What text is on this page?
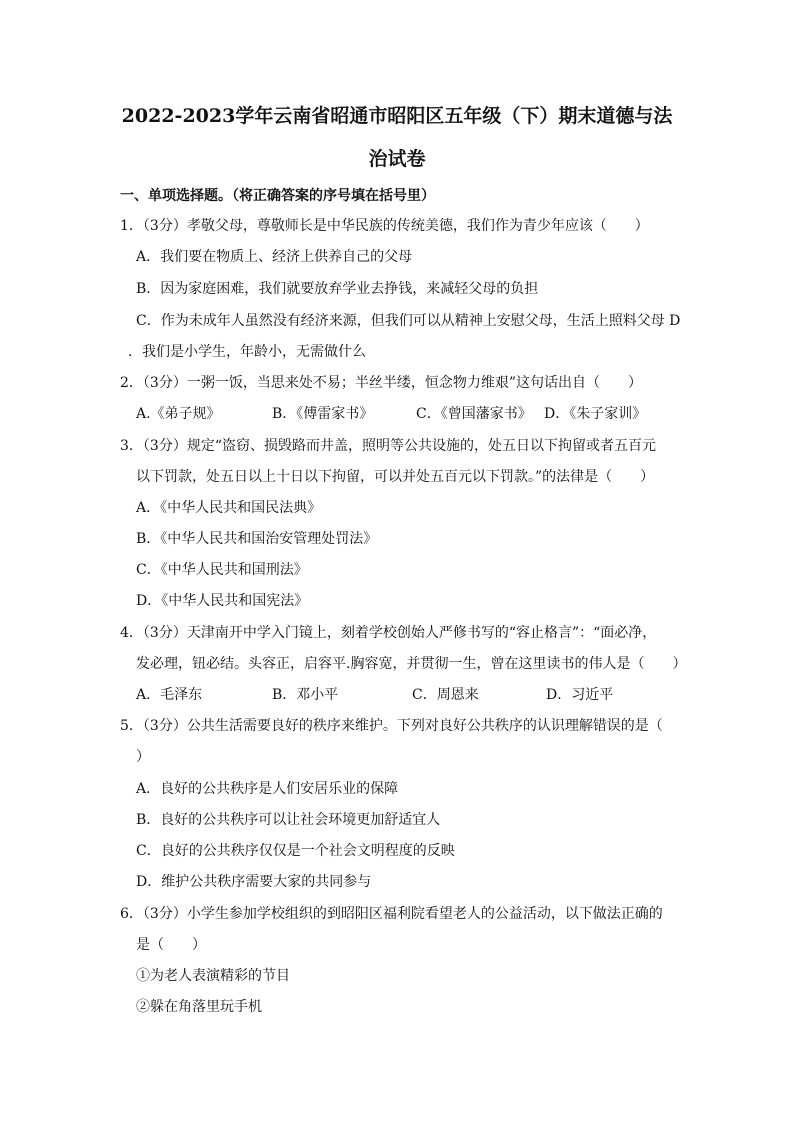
2022-2023学年云南省昭通市昭阳区五年级（下）期末道德与法
治试卷
一、单项选择题。（将正确答案的序号填在括号里）
1．（3分）孝敬父母，尊敬师长是中华民族的传统美德，我们作为青少年应该（　　）
A．我们要在物质上、经济上供养自己的父母
B．因为家庭困难，我们就要放弃学业去挣钱，来减轻父母的负担
C．作为未成年人虽然没有经济来源，但我们可以从精神上安慰父母，生活上照料父母 D
．我们是小学生，年龄小，无需做什么
2．（3分）一粥一饭，当思来处不易；半丝半缕，恒念物力维艰”这句话出自（　　）
A.《弟子规》	B．《傅雷家书》	C．《曾国藩家书》 D．《朱子家训》
3．（3分）规定“盗窃、损毁路而井盖，照明等公共设施的，处五日以下拘留或者五百元
以下罚款，处五日以上十日以下拘留，可以并处五百元以下罚款。”的法律是（　　）
A．《中华人民共和国民法典》
B．《中华人民共和国治安管理处罚法》
C．《中华人民共和国刑法》
D．《中华人民共和国宪法》
4．（3分）天津南开中学入门镜上，刻着学校创始人严修书写的“容止格言”：“面必净，
发必理，钮必结。头容正，启容平.胸容宽，并贯彻一生，曾在这里读书的伟人是（　　）
A．毛泽东	B．邓小平	C．周恩来	D．习近平
5．（3分）公共生活需要良好的秩序来维护。下列对良好公共秩序的认识理解错误的是（
）
A．良好的公共秩序是人们安居乐业的保障
B．良好的公共秩序可以让社会环境更加舒适宜人
C．良好的公共秩序仅仅是一个社会文明程度的反映
D．维护公共秩序需要大家的共同参与
6．（3分）小学生参加学校组织的到昭阳区福利院看望老人的公益活动，以下做法正确的
是（　　）
①为老人表演精彩的节目
②躲在角落里玩手机
